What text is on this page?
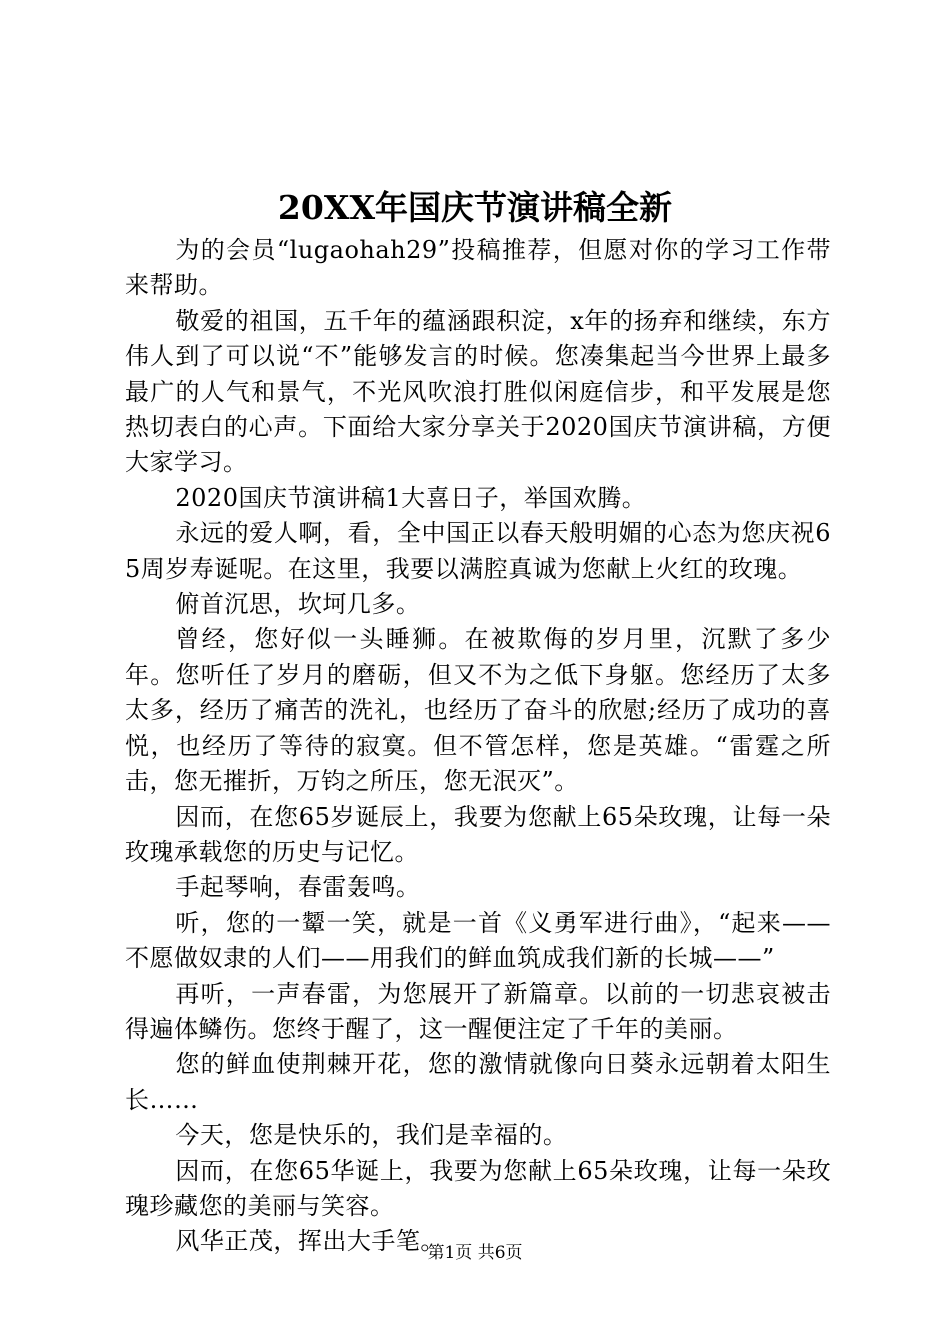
20XX年国庆节演讲稿全新

为的会员“lugaohah29”投稿推荐，但愿对你的学习工作带来帮助。

敬爱的祖国，五千年的蕴涵跟积淀，x年的扬弃和继续，东方伟人到了可以说“不”能够发言的时候。您凑集起当今世界上最多最广的人气和景气，不光风吹浪打胜似闲庭信步，和平发展是您热切表白的心声。下面给大家分享关于2020国庆节演讲稿，方便大家学习。

2020国庆节演讲稿1大喜日子，举国欢腾。

永远的爱人啊，看，全中国正以春天般明媚的心态为您庆祝65周岁寿诞呢。在这里，我要以满腔真诚为您献上火红的玫瑰。

俯首沉思，坎坷几多。

曾经，您好似一头睡狮。在被欺侮的岁月里，沉默了多少年。您听任了岁月的磨砺，但又不为之低下身躯。您经历了太多太多，经历了痛苦的洗礼，也经历了奋斗的欣慰;经历了成功的喜悦，也经历了等待的寂寞。但不管怎样，您是英雄。“雷霆之所击，您无摧折，万钧之所压，您无泯灭”。

因而，在您65岁诞辰上，我要为您献上65朵玫瑰，让每一朵玫瑰承载您的历史与记忆。

手起琴响，春雷轰鸣。

听，您的一颦一笑，就是一首《义勇军进行曲》，“起来——不愿做奴隶的人们——用我们的鲜血筑成我们新的长城——”

再听，一声春雷，为您展开了新篇章。以前的一切悲哀被击得遍体鳞伤。您终于醒了，这一醒便注定了千年的美丽。

您的鲜血使荆棘开花，您的激情就像向日葵永远朝着太阳生长……

今天，您是快乐的，我们是幸福的。

因而，在您65华诞上，我要为您献上65朵玫瑰，让每一朵玫瑰珍藏您的美丽与笑容。

风华正茂，挥出大手笔。

第1页 共6页
